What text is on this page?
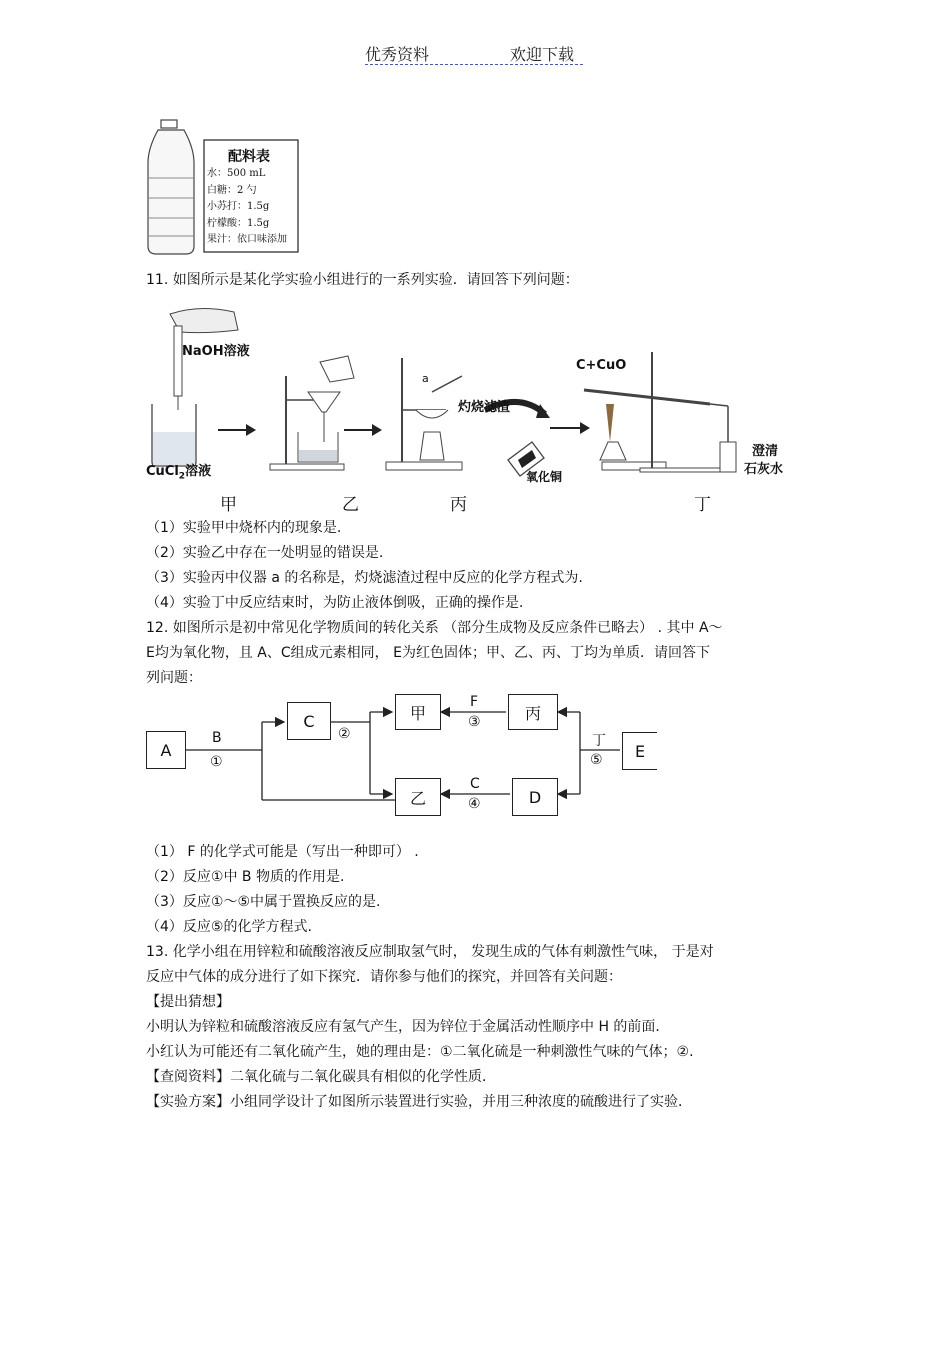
优秀资料	欢迎下载
配料表
水：500 mL
白糖：2 勺
小苏打：1.5g
柠檬酸：1.5g
果汁：依口味添加
11. 如图所示是某化学实验小组进行的一系列实验．请回答下列问题：
NaOH溶液
CuCl$_2$溶液
a
灼烧滤渣
氧化铜
C+CuO
澄清
石灰水
甲	乙	丙	丁
（1）实验甲中烧杯内的现象是.
（2）实验乙中存在一处明显的错误是.
（3）实验丙中仪器 a 的名称是，灼烧滤渣过程中反应的化学方程式为.
（4）实验丁中反应结束时，为防止液体倒吸，正确的操作是.
12. 如图所示是初中常见化学物质间的转化关系 （部分生成物及反应条件已略去） . 其中 A～
E均为氧化物，且 A、C组成元素相同， E为红色固体；甲、乙、丙、丁均为单质．请回答下
列问题：
A
C	甲	丙
乙	D
E
B
①
②
F
③
C
④
丁
⑤
（1） F 的化学式可能是（写出一种即可） .
（2）反应①中 B 物质的作用是.
（3）反应①～⑤中属于置换反应的是.
（4）反应⑤的化学方程式.
13. 化学小组在用锌粒和硫酸溶液反应制取氢气时， 发现生成的气体有刺激性气味， 于是对
反应中气体的成分进行了如下探究．请你参与他们的探究，并回答有关问题：
【提出猜想】
小明认为锌粒和硫酸溶液反应有氢气产生，因为锌位于金属活动性顺序中 H 的前面．
小红认为可能还有二氧化硫产生，她的理由是：①二氧化硫是一种刺激性气味的气体；②.
【查阅资料】二氧化硫与二氧化碳具有相似的化学性质．
【实验方案】小组同学设计了如图所示装置进行实验，并用三种浓度的硫酸进行了实验．
